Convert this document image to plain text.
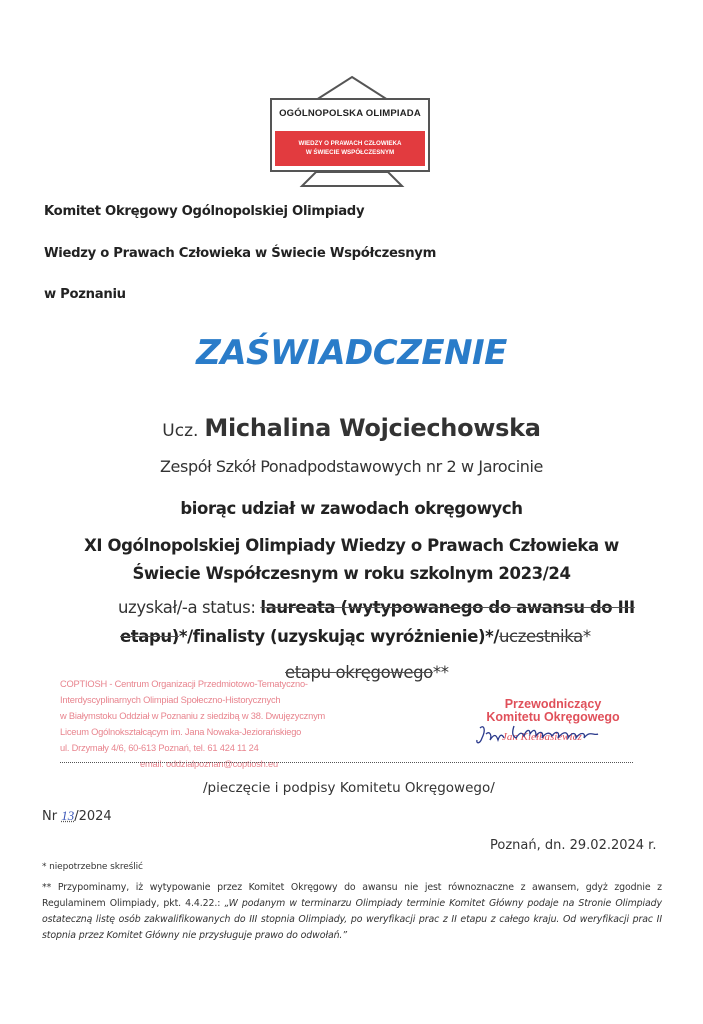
OGÓLNOPOLSKA OLIMPIADA
WIEDZY O PRAWACH CZŁOWIEKA
W ŚWIECIE WSPÓŁCZESNYM
Komitet Okręgowy Ogólnopolskiej Olimpiady
Wiedzy o Prawach Człowieka w Świecie Współczesnym
w Poznaniu
ZAŚWIADCZENIE
Ucz. Michalina Wojciechowska
Zespół Szkół Ponadpodstawowych nr 2 w Jarocinie
biorąc udział w zawodach okręgowych
XI Ogólnopolskiej Olimpiady Wiedzy o Prawach Człowieka w
Świecie Współczesnym w roku szkolnym 2023/24
uzyskał/-a status: laureata (wytypowanego do awansu do III
etapu)*/finalisty (uzyskując wyróżnienie)*/uczestnika*
etapu okręgowego**
COPTIOSH - Centrum Organizacji Przedmiotowo-Tematyczno-
Interdyscyplinarnych Olimpiad Społeczno-Historycznych
w Białymstoku Oddział w Poznaniu z siedzibą w 38. Dwujęzycznym
Liceum Ogólnokształcącym im. Jana Nowaka-Jeziorańskiego
ul. Drzymały 4/6, 60-613 Poznań, tel. 61 424 11 24
email: oddzialpoznan@coptiosh.eu
Przewodniczący
Komitetu Okręgowego
Jan Kiełbasiewicz
/pieczęcie i podpisy Komitetu Okręgowego/
Nr 13/2024
Poznań, dn. 29.02.2024 r.
* niepotrzebne skreślić
** Przypominamy, iż wytypowanie przez Komitet Okręgowy do awansu nie jest równoznaczne z awansem, gdyż zgodnie z Regulaminem Olimpiady, pkt. 4.4.22.: „W podanym w terminarzu Olimpiady terminie Komitet Główny podaje na Stronie Olimpiady ostateczną listę osób zakwalifikowanych do III stopnia Olimpiady, po weryfikacji prac z II etapu z całego kraju. Od weryfikacji prac II stopnia przez Komitet Główny nie przysługuje prawo do odwołań.”
